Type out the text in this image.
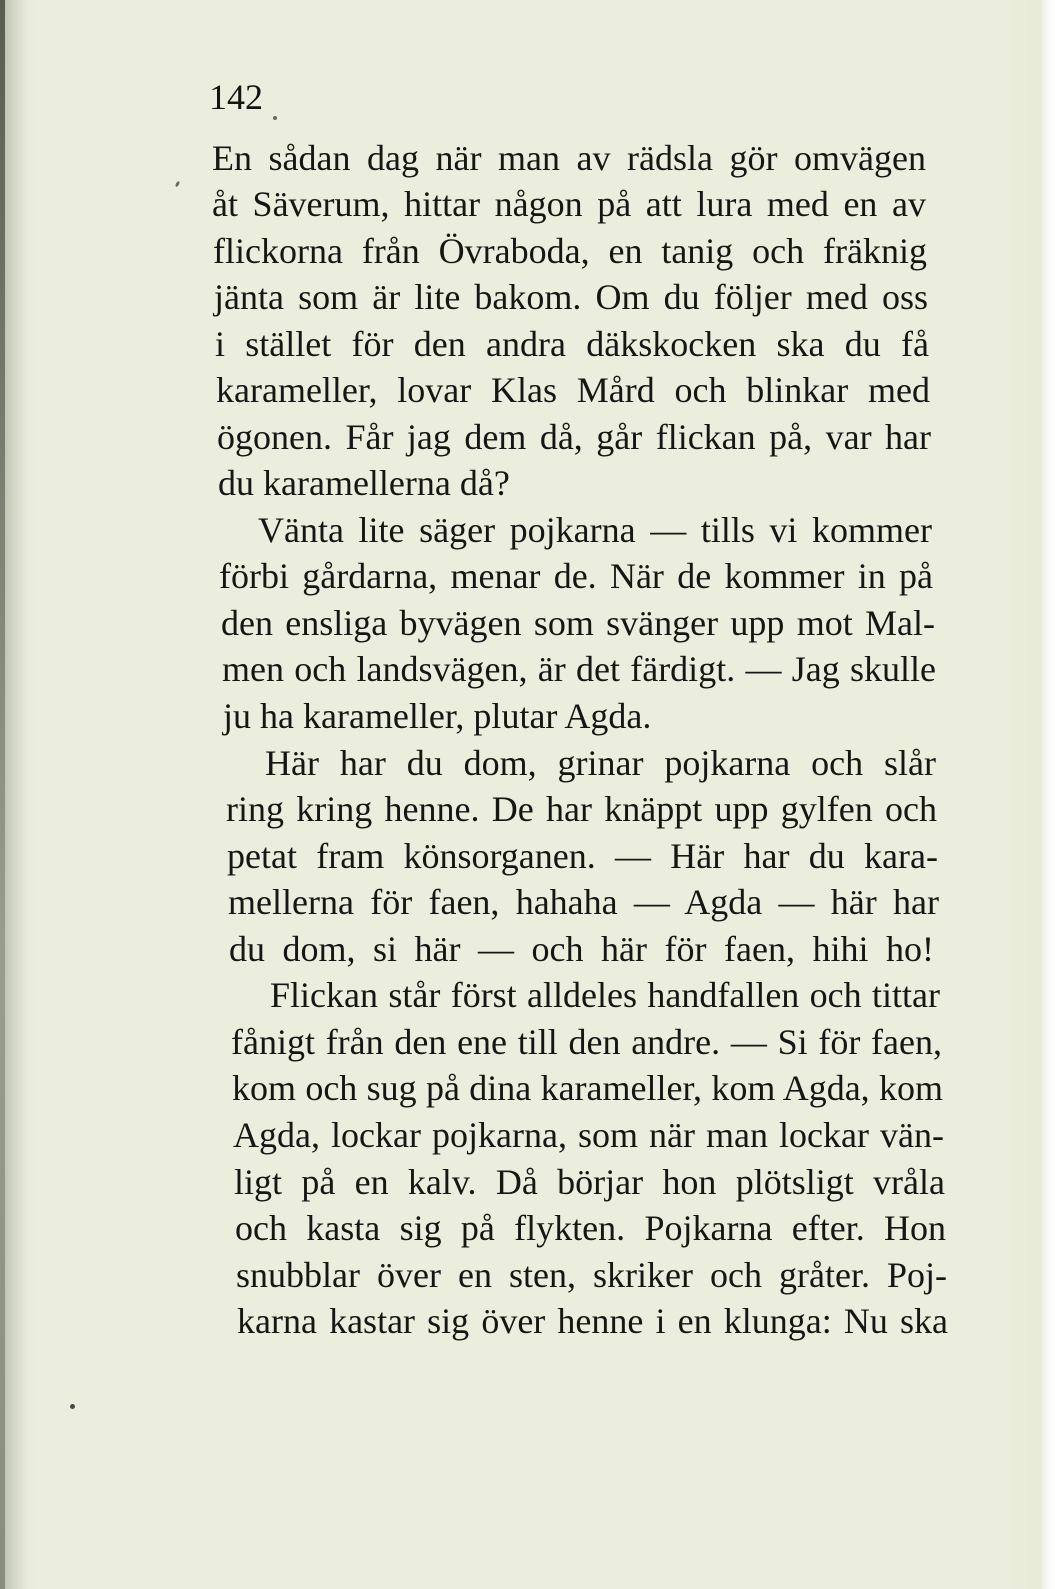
142

En sådan dag när man av rädsla gör omvägen

åt Säverum, hittar någon på att lura med en av

flickorna från Övraboda, en tanig och fräknig

jänta som är lite bakom. Om du följer med oss

i stället för den andra däkskocken ska du få

karameller, lovar Klas Mård och blinkar med

ögonen. Får jag dem då, går flickan på, var har

du karamellerna då?

Vänta lite säger pojkarna — tills vi kommer

förbi gårdarna, menar de. När de kommer in på

den ensliga byvägen som svänger upp mot Mal-

men och landsvägen, är det färdigt. — Jag skulle

ju ha karameller, plutar Agda.

Här har du dom, grinar pojkarna och slår

ring kring henne. De har knäppt upp gylfen och

petat fram könsorganen. — Här har du kara-

mellerna för faen, hahaha — Agda — här har

du dom, si här — och här för faen, hihi ho!

Flickan står först alldeles handfallen och tittar

fånigt från den ene till den andre. — Si för faen,

kom och sug på dina karameller, kom Agda, kom

Agda, lockar pojkarna, som när man lockar vän-

ligt på en kalv. Då börjar hon plötsligt vråla

och kasta sig på flykten. Pojkarna efter. Hon

snubblar över en sten, skriker och gråter. Poj-

karna kastar sig över henne i en klunga: Nu ska
